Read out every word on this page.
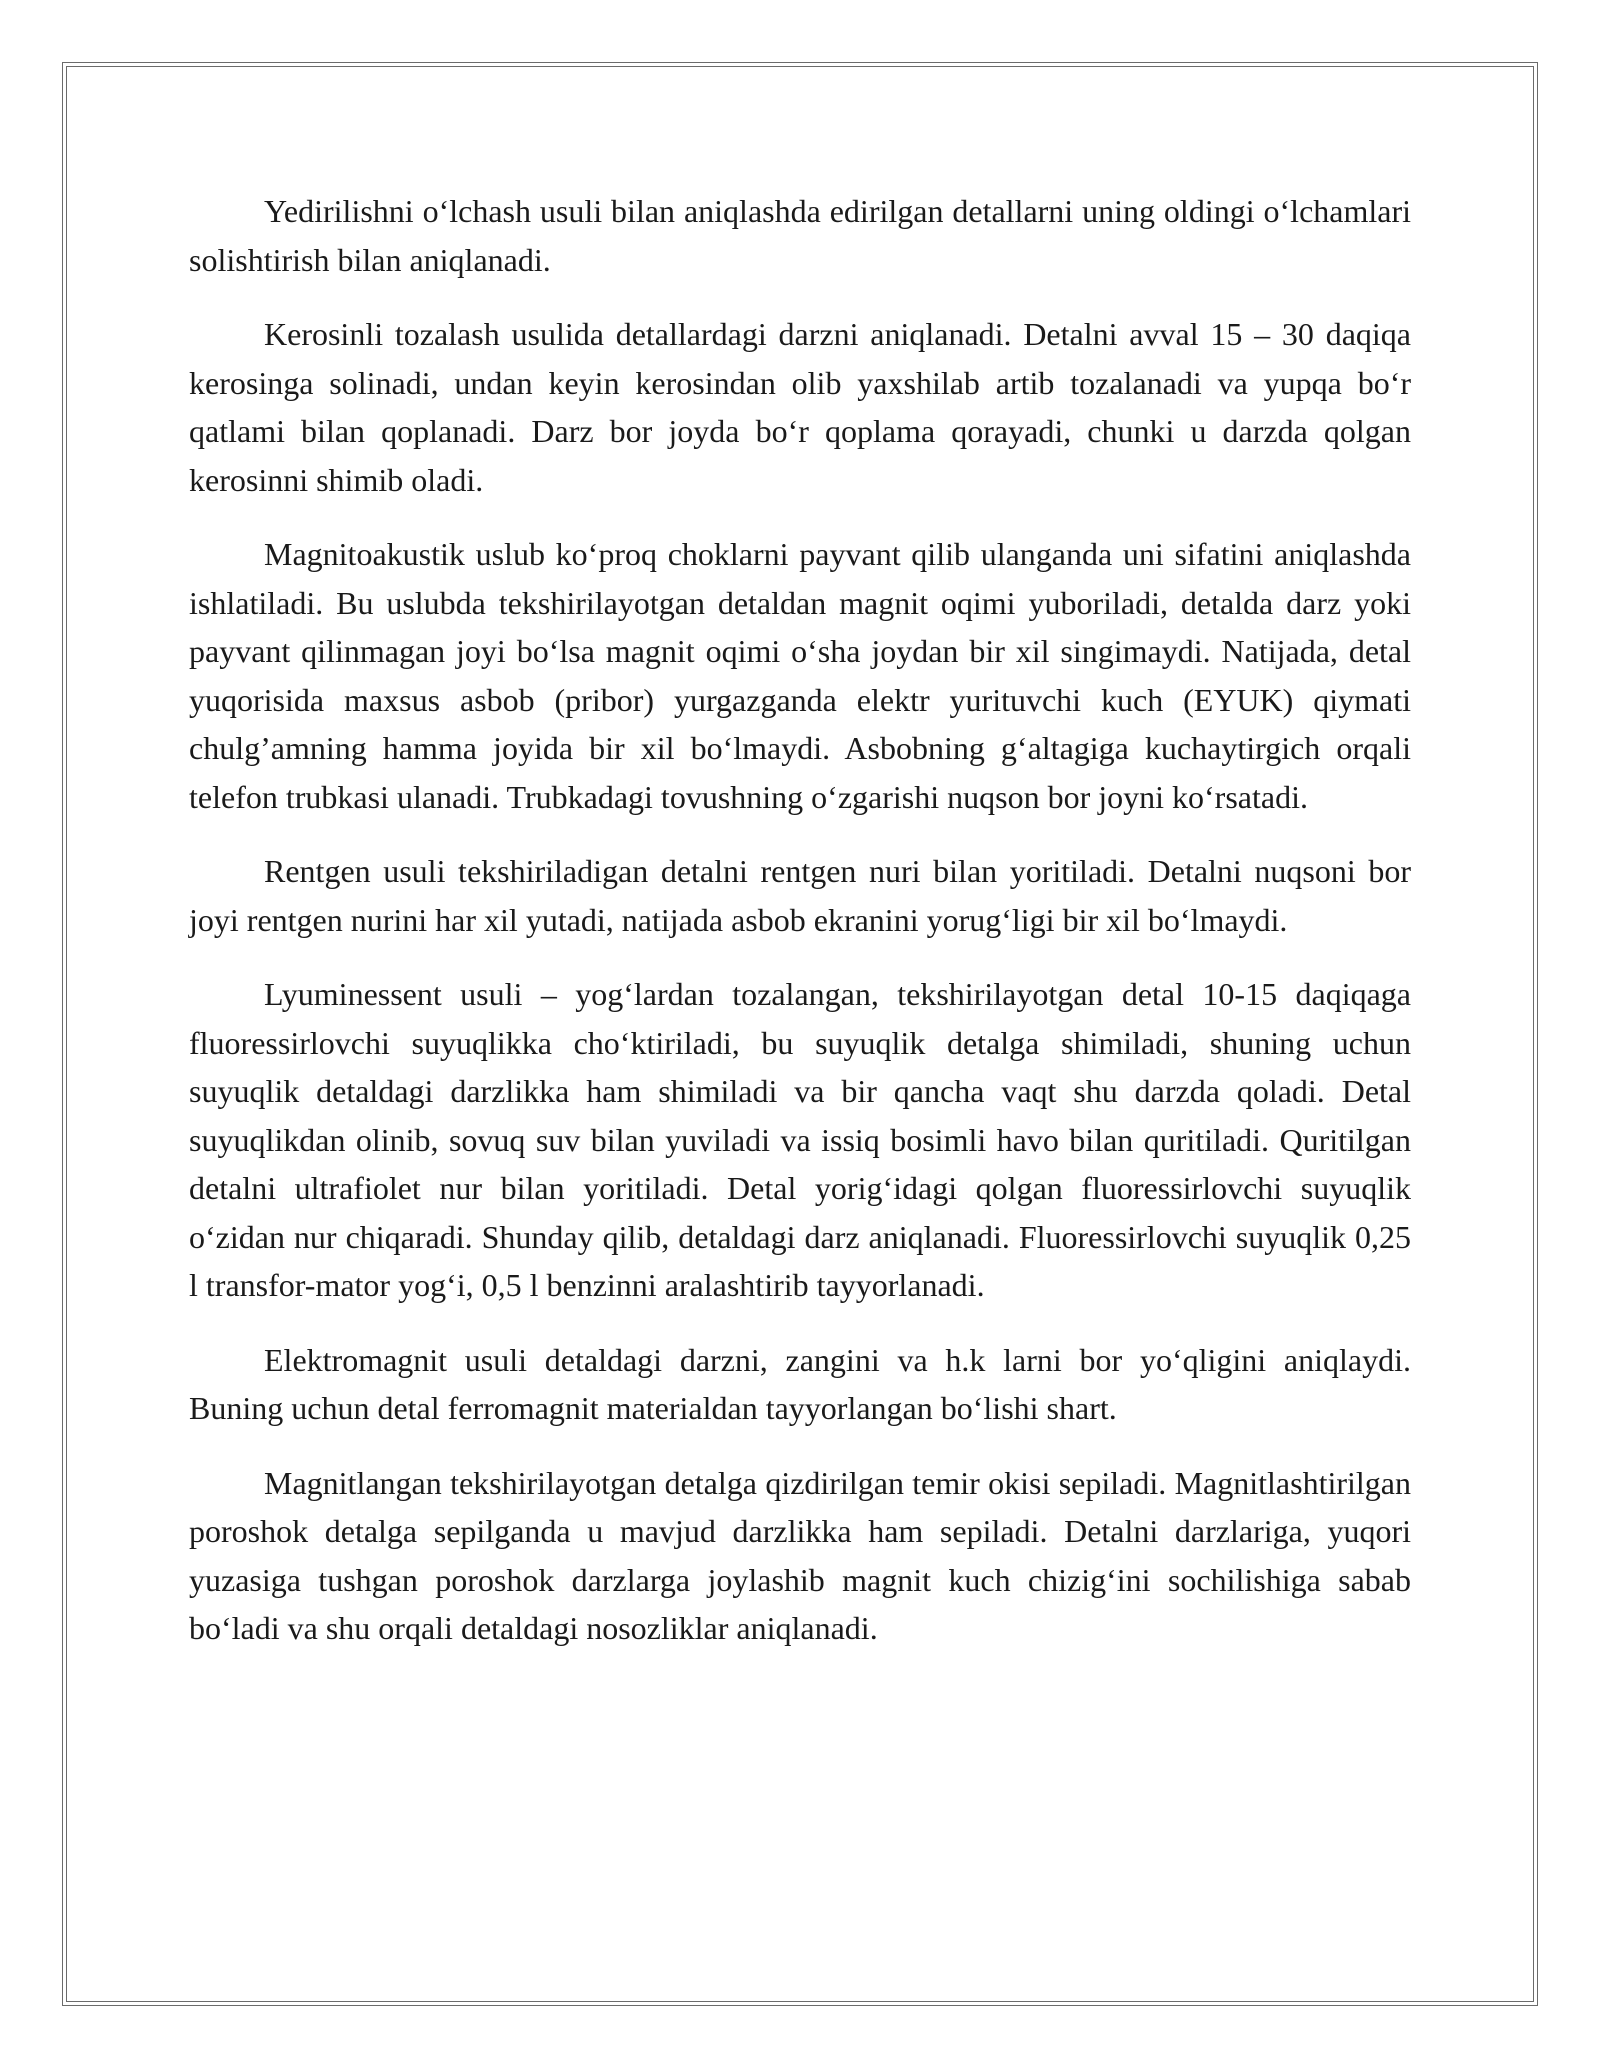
Yedirilishni o‘lchash usuli bilan aniqlashda edirilgan detallarni uning oldingi o‘lchamlari solishtirish bilan aniqlanadi.

Kerosinli tozalash usulida detallardagi darzni aniqlanadi. Detalni avval 15 – 30 daqiqa kerosinga solinadi, undan keyin kerosindan olib yaxshilab artib tozalanadi va yupqa bo‘r qatlami bilan qoplanadi. Darz bor joyda bo‘r qoplama qorayadi, chunki u darzda qolgan kerosinni shimib oladi.

Magnitoakustik uslub ko‘proq choklarni payvant qilib ulanganda uni sifatini aniqlashda ishlatiladi. Bu uslubda tekshirilayotgan detaldan magnit oqimi yuboriladi, detalda darz yoki payvant qilinmagan joyi bo‘lsa magnit oqimi o‘sha joydan bir xil singimaydi. Natijada, detal yuqorisida maxsus asbob (pribor) yurgazganda elektr yurituvchi kuch (EYUK) qiymati chulg’amning hamma joyida bir xil bo‘lmaydi. Asbobning g‘altagiga kuchaytirgich orqali telefon trubkasi ulanadi. Trubkadagi tovushning o‘zgarishi nuqson bor joyni ko‘rsatadi.

Rentgen usuli tekshiriladigan detalni rentgen nuri bilan yoritiladi. Detalni nuqsoni bor joyi rentgen nurini har xil yutadi, natijada asbob ekranini yorug‘ligi bir xil bo‘lmaydi.

Lyuminessent usuli – yog‘lardan tozalangan, tekshirilayotgan detal 10-15 daqiqaga fluoressirlovchi suyuqlikka cho‘ktiriladi, bu suyuqlik detalga shimiladi, shuning uchun suyuqlik detaldagi darzlikka ham shimiladi va bir qancha vaqt shu darzda qoladi. Detal suyuqlikdan olinib, sovuq suv bilan yuviladi va issiq bosimli havo bilan quritiladi. Quritilgan detalni ultrafiolet nur bilan yoritiladi. Detal yorig‘idagi qolgan fluoressirlovchi suyuqlik o‘zidan nur chiqaradi. Shunday qilib, detaldagi darz aniqlanadi. Fluoressirlovchi suyuqlik 0,25 l transfor-mator yog‘i, 0,5 l benzinni aralashtirib tayyorlanadi.

Elektromagnit usuli detaldagi darzni, zangini va h.k larni bor yo‘qligini aniqlaydi. Buning uchun detal ferromagnit materialdan tayyorlangan bo‘lishi shart.

Magnitlangan tekshirilayotgan detalga qizdirilgan temir okisi sepiladi. Magnitlashtirilgan poroshok detalga sepilganda u mavjud darzlikka ham sepiladi. Detalni darzlariga, yuqori yuzasiga tushgan poroshok darzlarga joylashib magnit kuch chizig‘ini sochilishiga sabab bo‘ladi va shu orqali detaldagi nosozliklar aniqlanadi.
